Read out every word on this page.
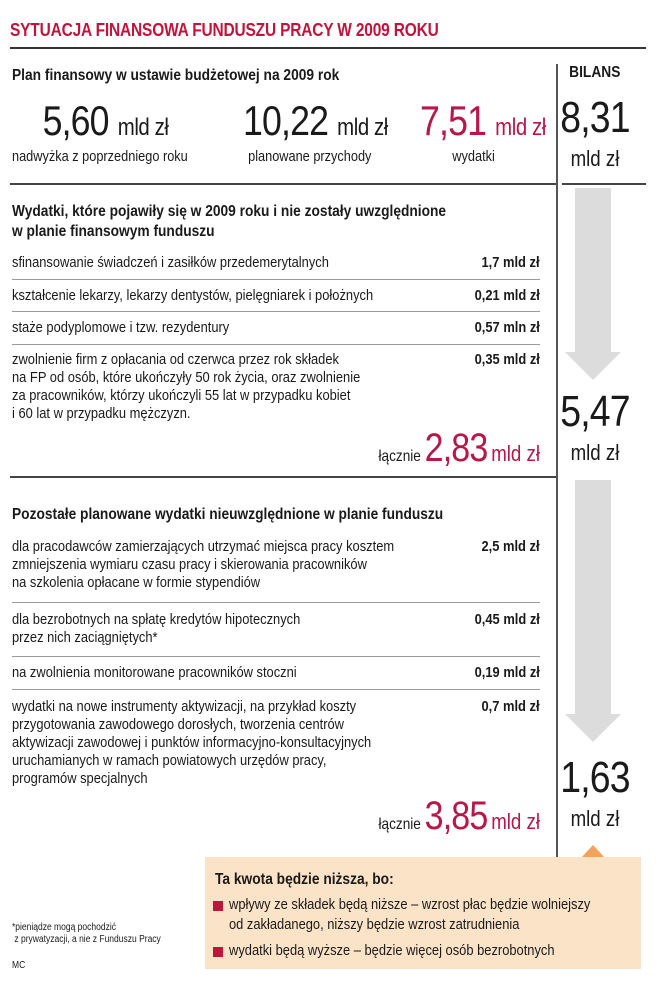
SYTUACJA FINANSOWA FUNDUSZU PRACY W 2009 ROKU
BILANS
8,31
mld zł
5,47
mld zł
1,63
mld zł
Plan finansowy w ustawie budżetowej na 2009 rok
5,60 mld zł
nadwyżka z poprzedniego roku
10,22 mld zł
planowane przychody
7,51 mld zł
wydatki
Wydatki, które pojawiły się w 2009 roku i nie zostały uwzględnione
w planie finansowym funduszu
sfinansowanie świadczeń i zasiłków przedemerytalnych	1,7 mld zł
kształcenie lekarzy, lekarzy dentystów, pielęgniarek i położnych	0,21 mld zł
staże podyplomowe i tzw. rezydentury	0,57 mln zł
zwolnienie firm z opłacania od czerwca przez rok składek
na FP od osób, które ukończyły 50 rok życia, oraz zwolnienie
za pracowników, którzy ukończyli 55 lat w przypadku kobiet
i 60 lat w przypadku mężczyzn.
0,35 mld zł
łącznie 2,83 mld zł
Pozostałe planowane wydatki nieuwzględnione w planie funduszu
dla pracodawców zamierzających utrzymać miejsca pracy kosztem
zmniejszenia wymiaru czasu pracy i skierowania pracowników
na szkolenia opłacane w formie stypendiów
2,5 mld zł
dla bezrobotnych na spłatę kredytów hipotecznych
przez nich zaciągniętych*
0,45 mld zł
na zwolnienia monitorowane pracowników stoczni	0,19 mld zł
wydatki na nowe instrumenty aktywizacji, na przykład koszty
przygotowania zawodowego dorosłych, tworzenia centrów
aktywizacji zawodowej i punktów informacyjno-konsultacyjnych
uruchamianych w ramach powiatowych urzędów pracy,
programów specjalnych
0,7 mld zł
łącznie 3,85 mld zł
Ta kwota będzie niższa, bo:
wpływy ze składek będą niższe – wzrost płac będzie wolniejszy
od zakładanego, niższy będzie wzrost zatrudnienia
wydatki będą wyższe – będzie więcej osób bezrobotnych
*pieniądze mogą pochodzić
z prywatyzacji, a nie z Funduszu Pracy
MC
